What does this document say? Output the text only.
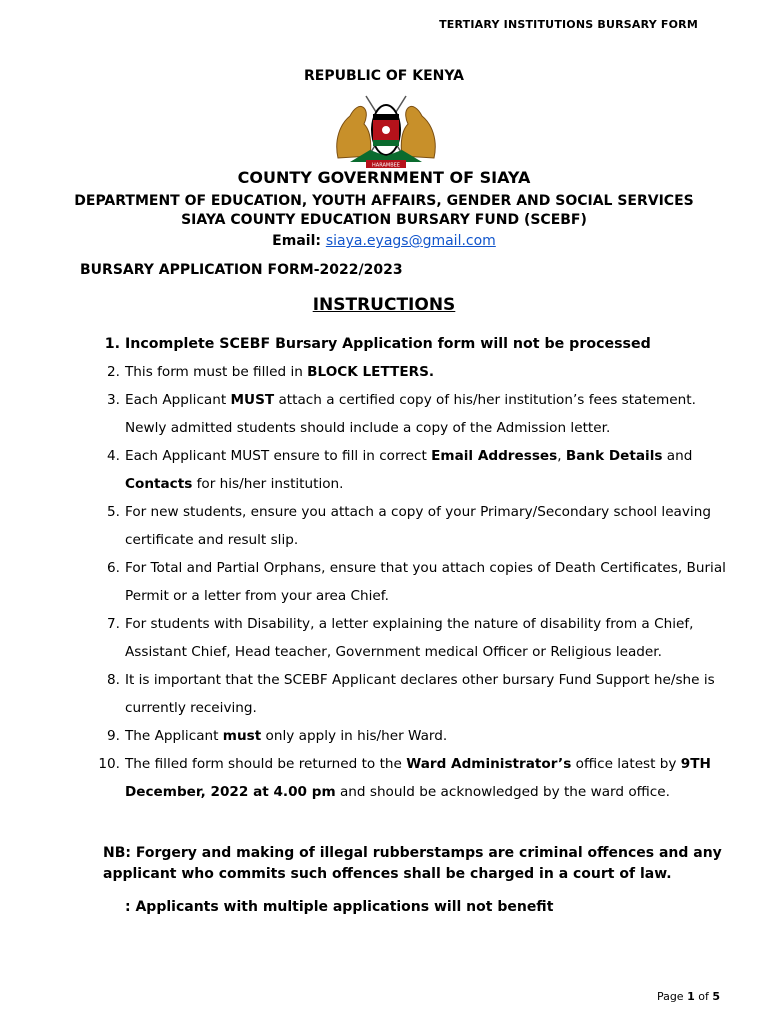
TERTIARY INSTITUTIONS BURSARY FORM
REPUBLIC OF KENYA
HARAMBEE
COUNTY GOVERNMENT OF SIAYA
DEPARTMENT OF EDUCATION, YOUTH AFFAIRS, GENDER AND SOCIAL SERVICES
SIAYA COUNTY EDUCATION BURSARY FUND (SCEBF)
Email: siaya.eyags@gmail.com
BURSARY APPLICATION FORM-2022/2023
INSTRUCTIONS
1. Incomplete SCEBF Bursary Application form will not be processed
2. This form must be filled in BLOCK LETTERS.
3. Each Applicant MUST attach a certified copy of his/her institution’s fees statement.
Newly admitted students should include a copy of the Admission letter.
4. Each Applicant MUST ensure to fill in correct Email Addresses, Bank Details and
Contacts for his/her institution.
5. For new students, ensure you attach a copy of your Primary/Secondary school leaving
certificate and result slip.
6. For Total and Partial Orphans, ensure that you attach copies of Death Certificates, Burial
Permit or a letter from your area Chief.
7. For students with Disability, a letter explaining the nature of disability from a Chief,
Assistant Chief, Head teacher, Government medical Officer or Religious leader.
8. It is important that the SCEBF Applicant declares other bursary Fund Support he/she is
currently receiving.
9. The Applicant must only apply in his/her Ward.
10. The filled form should be returned to the Ward Administrator’s office latest by 9TH
December, 2022 at 4.00 pm and should be acknowledged by the ward office.
NB: Forgery and making of illegal rubberstamps are criminal offences and any applicant who commits such offences shall be charged in a court of law.
: Applicants with multiple applications will not benefit
Page 1 of 5
